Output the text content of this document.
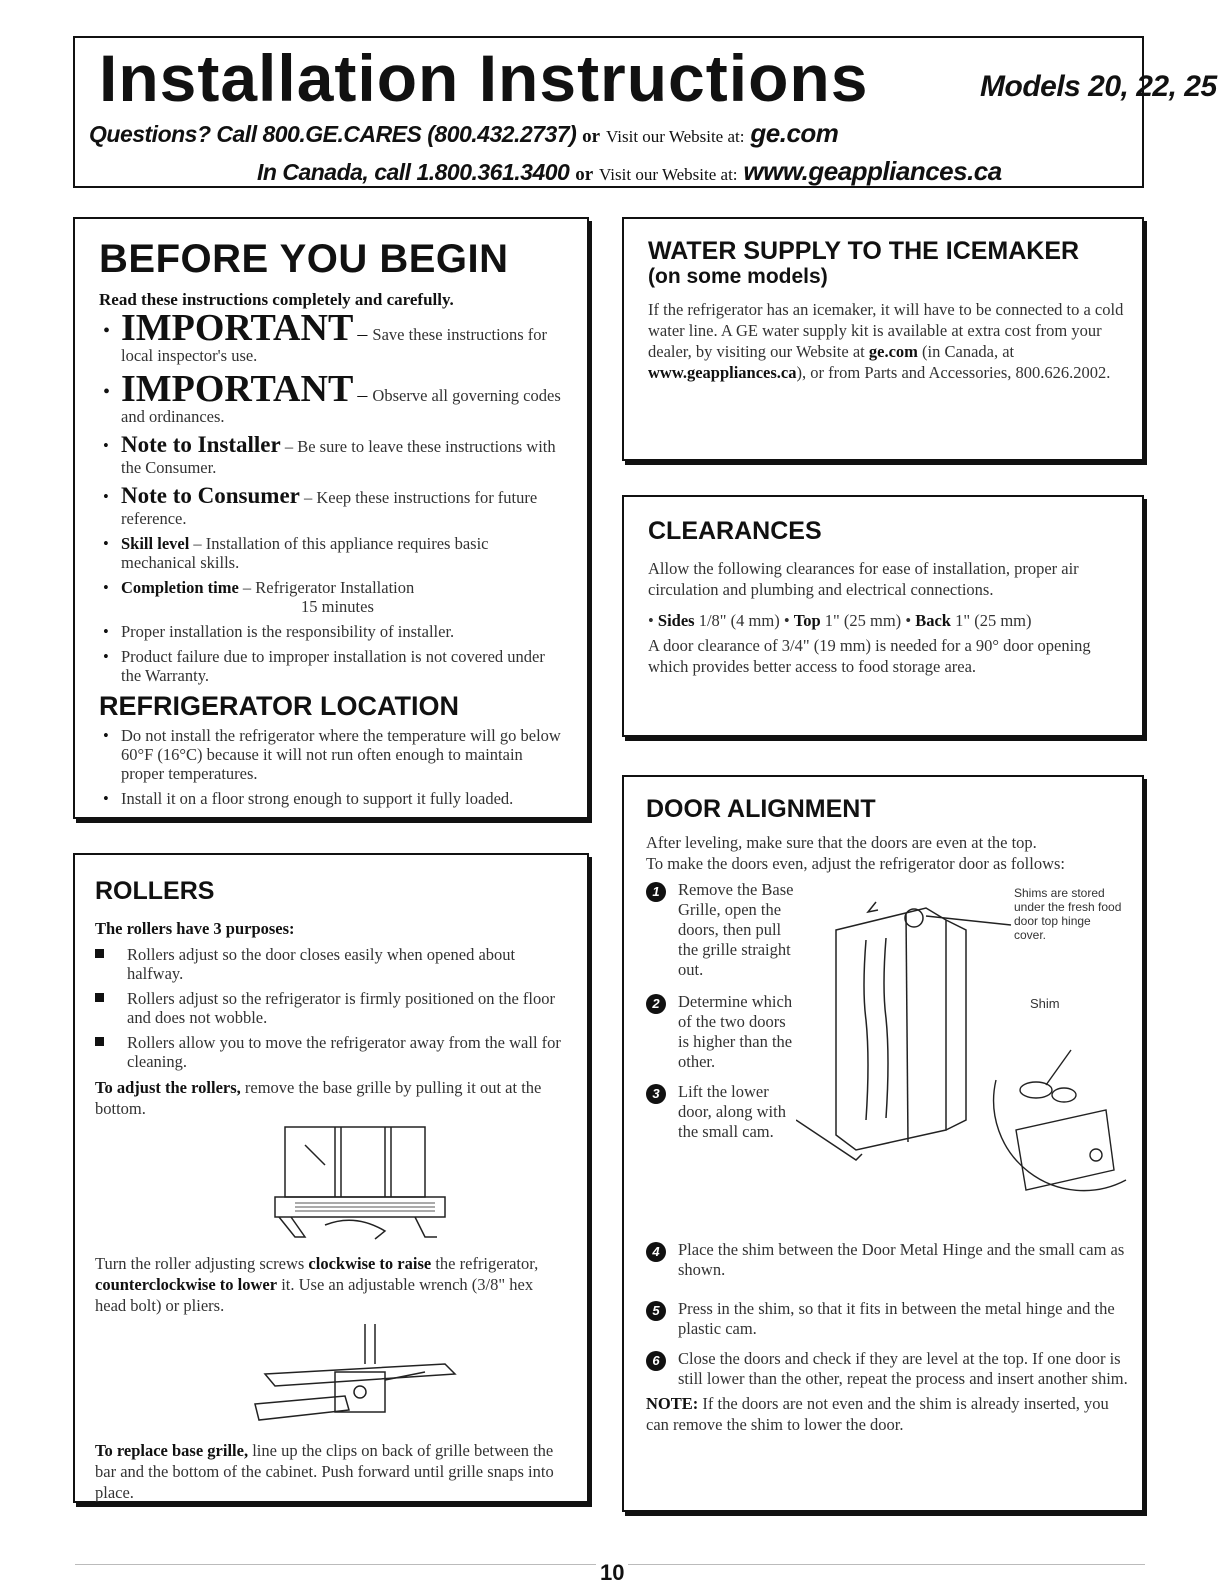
Installation Instructions	Models 20, 22, 25
Questions? Call 800.GE.CARES (800.432.2737) or Visit our Website at: ge.com
In Canada, call 1.800.361.3400 or Visit our Website at: www.geappliances.ca
BEFORE YOU BEGIN

Read these instructions completely and carefully.

• IMPORTANT – Save these instructions for local inspector's use.
• IMPORTANT – Observe all governing codes and ordinances.
• Note to Installer – Be sure to leave these instructions with the Consumer.
• Note to Consumer – Keep these instructions for future reference.
• Skill level – Installation of this appliance requires basic mechanical skills.
• Completion time – Refrigerator Installation
15 minutes
• Proper installation is the responsibility of installer.
• Product failure due to improper installation is not covered under the Warranty.
REFRIGERATOR LOCATION
• Do not install the refrigerator where the temperature will go below 60°F (16°C) because it will not run often enough to maintain proper temperatures.
• Install it on a floor strong enough to support it fully loaded.
WATER SUPPLY TO THE ICEMAKER
(on some models)

If the refrigerator has an icemaker, it will have to be connected to a cold water line. A GE water supply kit is available at extra cost from your dealer, by visiting our Website at ge.com (in Canada, at www.geappliances.ca), or from Parts and Accessories, 800.626.2002.

CLEARANCES

Allow the following clearances for ease of installation, proper air circulation and plumbing and electrical connections.

• Sides 1/8" (4 mm) • Top 1" (25 mm) • Back 1" (25 mm)

A door clearance of 3/4" (19 mm) is needed for a 90° door opening which provides better access to food storage area.

ROLLERS

The rollers have 3 purposes:

Rollers adjust so the door closes easily when opened about halfway.
Rollers adjust so the refrigerator is firmly positioned on the floor and does not wobble.
Rollers allow you to move the refrigerator away from the wall for cleaning.

To adjust the rollers, remove the base grille by pulling it out at the bottom.

Turn the roller adjusting screws clockwise to raise the refrigerator, counterclockwise to lower it. Use an adjustable wrench (3/8" hex head bolt) or pliers.

To replace base grille, line up the clips on back of grille between the bar and the bottom of the cabinet. Push forward until grille snaps into place.

DOOR ALIGNMENT

After leveling, make sure that the doors are even at the top.

To make the doors even, adjust the refrigerator door as follows:

1	Remove the Base Grille, open the doors, then pull the grille straight out.
2	Determine which of the two doors is higher than the other.
3	Lift the lower door, along with the small cam.
Shim
Shims are stored under the fresh food door top hinge cover.
4	Place the shim between the Door Metal Hinge and the small cam as shown.
5	Press in the shim, so that it fits in between the metal hinge and the plastic cam.
6	Close the doors and check if they are level at the top. If one door is still lower than the other, repeat the process and insert another shim.

NOTE: If the doors are not even and the shim is already inserted, you can remove the shim to lower the door.

10
